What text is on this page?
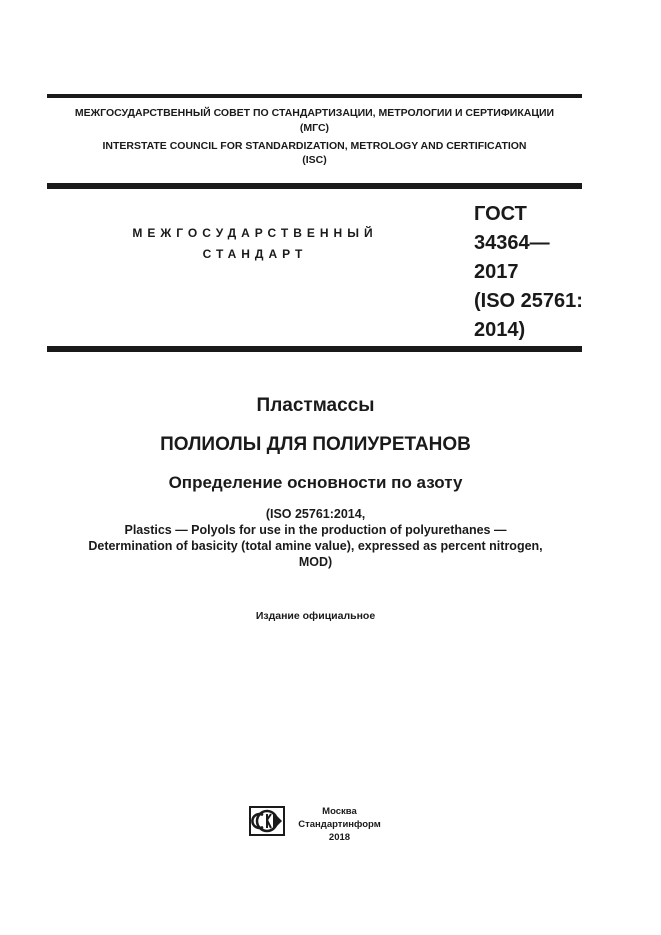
МЕЖГОСУДАРСТВЕННЫЙ СОВЕТ ПО СТАНДАРТИЗАЦИИ, МЕТРОЛОГИИ И СЕРТИФИКАЦИИ
(МГС)
INTERSTATE COUNCIL FOR STANDARDIZATION, METROLOGY AND CERTIFICATION
(ISC)
МЕЖГОСУДАРСТВЕННЫЙ
СТАНДАРТ
ГОСТ
34364—
2017
(ISO 25761:
2014)
Пластмассы
ПОЛИОЛЫ ДЛЯ ПОЛИУРЕТАНОВ
Определение основности по азоту
(ISO 25761:2014,
Plastics — Polyols for use in the production of polyurethanes —
Determination of basicity (total amine value), expressed as percent nitrogen,
MOD)
Издание официальное
Москва
Стандартинформ
2018
